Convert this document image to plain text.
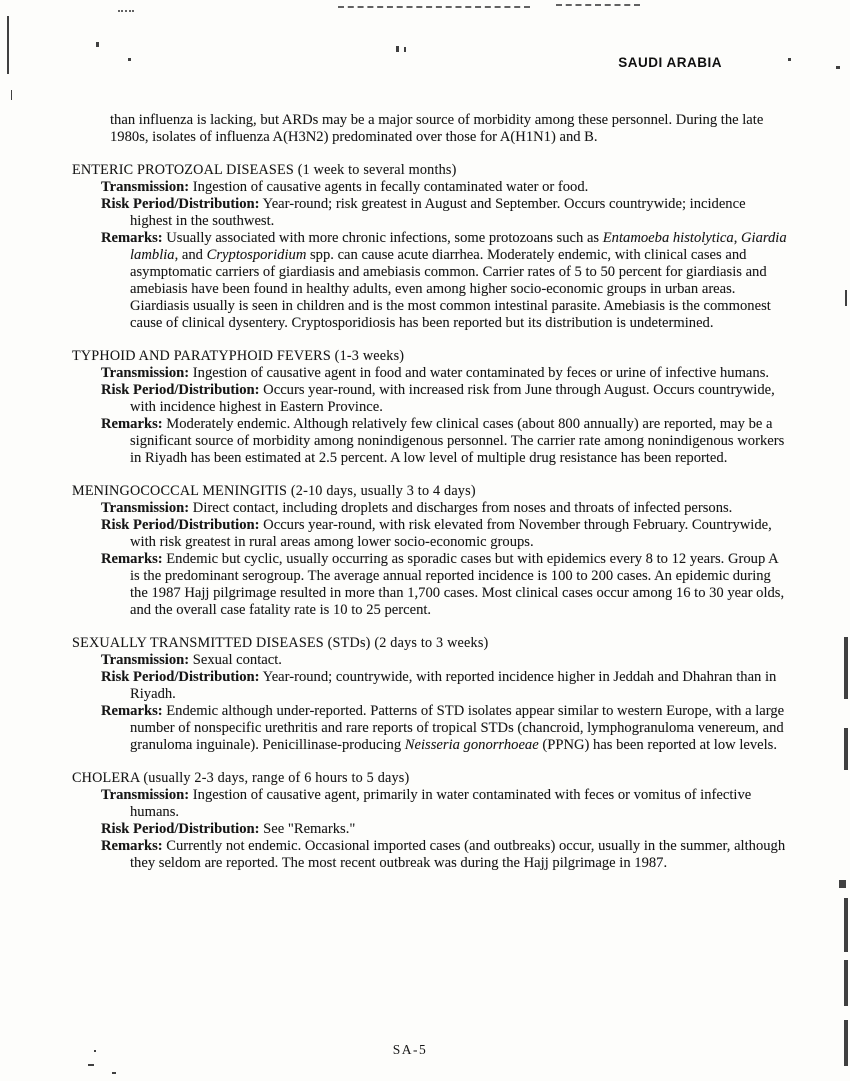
SAUDI ARABIA

than influenza is lacking, but ARDs may be a major source of morbidity among these personnel. During the late 1980s, isolates of influenza A(H3N2) predominated over those for A(H1N1) and B.

ENTERIC PROTOZOAL DISEASES (1 week to several months)

Transmission: Ingestion of causative agents in fecally contaminated water or food.

Risk Period/Distribution: Year-round; risk greatest in August and September. Occurs countrywide; incidence highest in the southwest.

Remarks: Usually associated with more chronic infections, some protozoans such as Entamoeba histolytica, Giardia lamblia, and Cryptosporidium spp. can cause acute diarrhea. Moderately endemic, with clinical cases and asymptomatic carriers of giardiasis and amebiasis common. Carrier rates of 5 to 50 percent for giardiasis and amebiasis have been found in healthy adults, even among higher socio-economic groups in urban areas. Giardiasis usually is seen in children and is the most common intestinal parasite. Amebiasis is the commonest cause of clinical dysentery. Cryptosporidiosis has been reported but its distribution is undetermined.

TYPHOID AND PARATYPHOID FEVERS (1-3 weeks)

Transmission: Ingestion of causative agent in food and water contaminated by feces or urine of infective humans.

Risk Period/Distribution: Occurs year-round, with increased risk from June through August. Occurs countrywide, with incidence highest in Eastern Province.

Remarks: Moderately endemic. Although relatively few clinical cases (about 800 annually) are reported, may be a significant source of morbidity among nonindigenous personnel. The carrier rate among nonindigenous workers in Riyadh has been estimated at 2.5 percent. A low level of multiple drug resistance has been reported.

MENINGOCOCCAL MENINGITIS (2-10 days, usually 3 to 4 days)

Transmission: Direct contact, including droplets and discharges from noses and throats of infected persons.

Risk Period/Distribution: Occurs year-round, with risk elevated from November through February. Countrywide, with risk greatest in rural areas among lower socio-economic groups.

Remarks: Endemic but cyclic, usually occurring as sporadic cases but with epidemics every 8 to 12 years. Group A is the predominant serogroup. The average annual reported incidence is 100 to 200 cases. An epidemic during the 1987 Hajj pilgrimage resulted in more than 1,700 cases. Most clinical cases occur among 16 to 30 year olds, and the overall case fatality rate is 10 to 25 percent.

SEXUALLY TRANSMITTED DISEASES (STDs) (2 days to 3 weeks)

Transmission: Sexual contact.

Risk Period/Distribution: Year-round; countrywide, with reported incidence higher in Jeddah and Dhahran than in Riyadh.

Remarks: Endemic although under-reported. Patterns of STD isolates appear similar to western Europe, with a large number of nonspecific urethritis and rare reports of tropical STDs (chancroid, lymphogranuloma venereum, and granuloma inguinale). Penicillinase-producing Neisseria gonorrhoeae (PPNG) has been reported at low levels.

CHOLERA (usually 2-3 days, range of 6 hours to 5 days)

Transmission: Ingestion of causative agent, primarily in water contaminated with feces or vomitus of infective humans.

Risk Period/Distribution: See "Remarks."

Remarks: Currently not endemic. Occasional imported cases (and outbreaks) occur, usually in the summer, although they seldom are reported. The most recent outbreak was during the Hajj pilgrimage in 1987.

SA-5
